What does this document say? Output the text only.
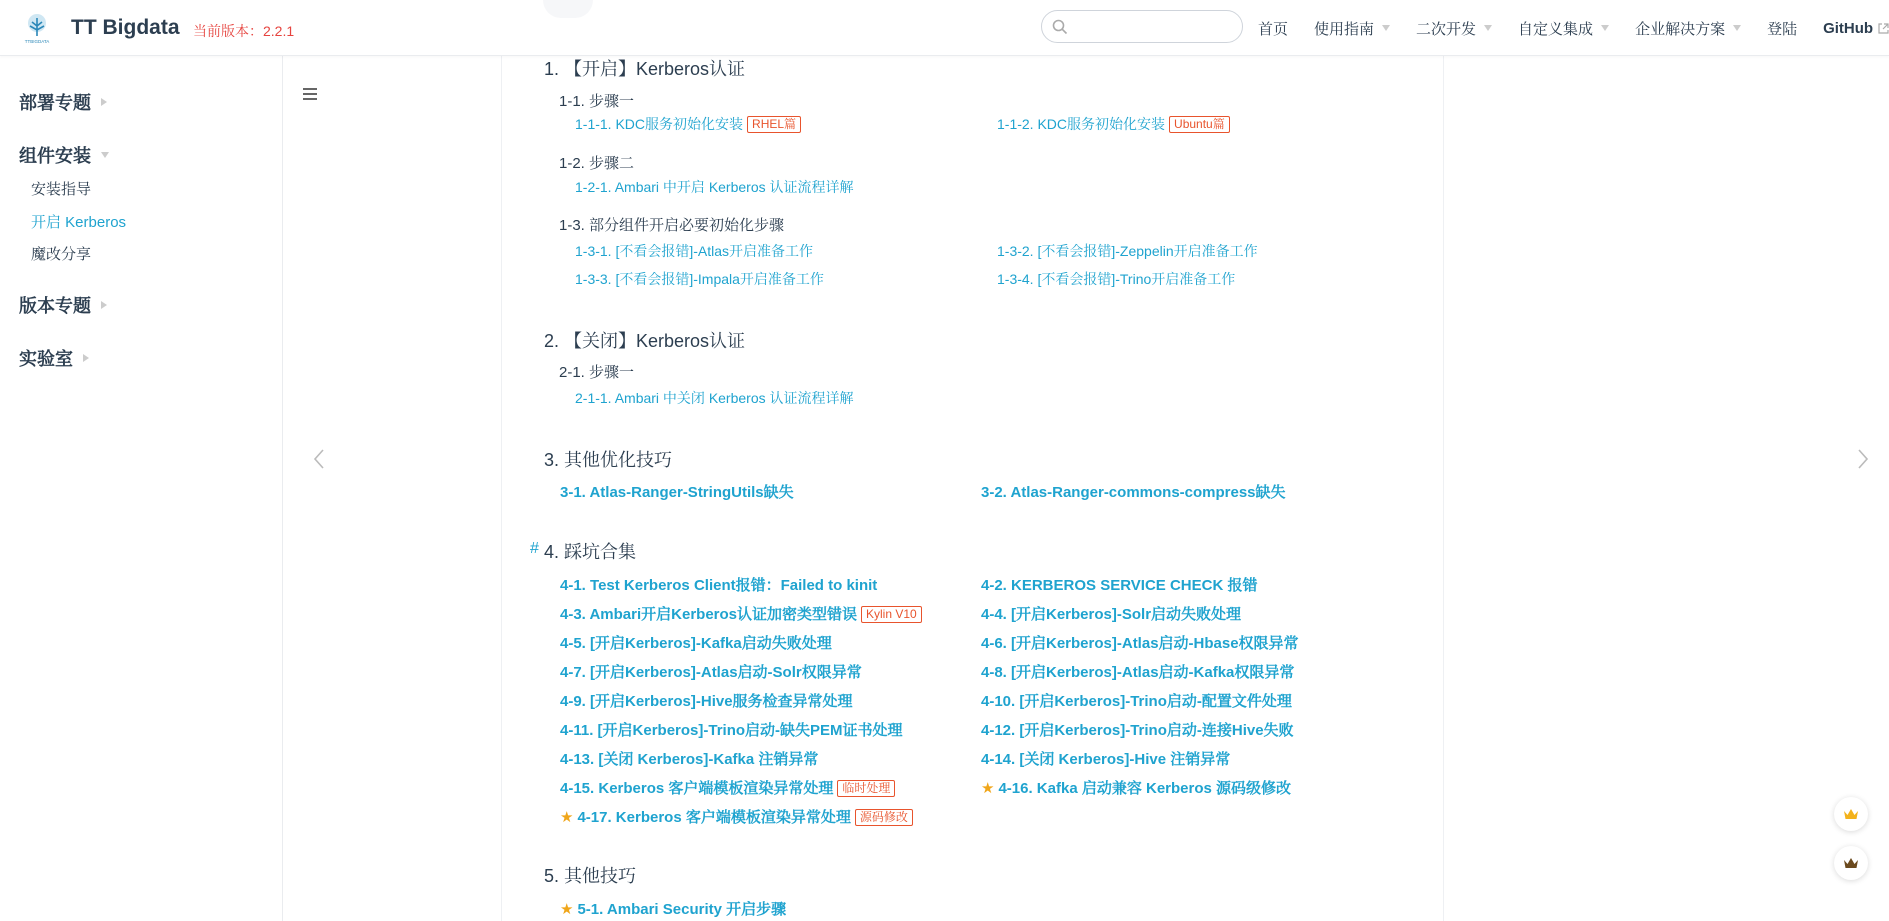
TTBIGDATA
TT Bigdata 当前版本：2.2.1	首页 使用指南	二次开发	自定义集成	企业解决方案	登陆 GitHub
部署专题
组件安装
安装指导
开启 Kerberos
魔改分享
版本专题
实验室
1. 【开启】Kerberos认证
1-1. 步骤一
1-1-1. KDC服务初始化安装 RHEL篇	1-1-2. KDC服务初始化安装 Ubuntu篇
1-2. 步骤二
1-2-1. Ambari 中开启 Kerberos 认证流程详解
1-3. 部分组件开启必要初始化步骤
1-3-1. [不看会报错]-Atlas开启准备工作	1-3-2. [不看会报错]-Zeppelin开启准备工作
1-3-3. [不看会报错]-Impala开启准备工作	1-3-4. [不看会报错]-Trino开启准备工作
2. 【关闭】Kerberos认证
2-1. 步骤一
2-1-1. Ambari 中关闭 Kerberos 认证流程详解
3. 其他优化技巧
3-1. Atlas-Ranger-StringUtils缺失	3-2. Atlas-Ranger-commons-compress缺失
# 4. 踩坑合集
4-1. Test Kerberos Client报错：Failed to kinit	4-2. KERBEROS SERVICE CHECK 报错
4-3. Ambari开启Kerberos认证加密类型错误 Kylin V10	4-4. [开启Kerberos]-Solr启动失败处理
4-5. [开启Kerberos]-Kafka启动失败处理	4-6. [开启Kerberos]-Atlas启动-Hbase权限异常
4-7. [开启Kerberos]-Atlas启动-Solr权限异常	4-8. [开启Kerberos]-Atlas启动-Kafka权限异常
4-9. [开启Kerberos]-Hive服务检查异常处理	4-10. [开启Kerberos]-Trino启动-配置文件处理
4-11. [开启Kerberos]-Trino启动-缺失PEM证书处理	4-12. [开启Kerberos]-Trino启动-连接Hive失败
4-13. [关闭 Kerberos]-Kafka 注销异常	4-14. [关闭 Kerberos]-Hive 注销异常
4-15. Kerberos 客户端模板渲染异常处理 临时处理	★ 4-16. Kafka 启动兼容 Kerberos 源码级修改
★ 4-17. Kerberos 客户端模板渲染异常处理 源码修改
5. 其他技巧
★ 5-1. Ambari Security 开启步骤
